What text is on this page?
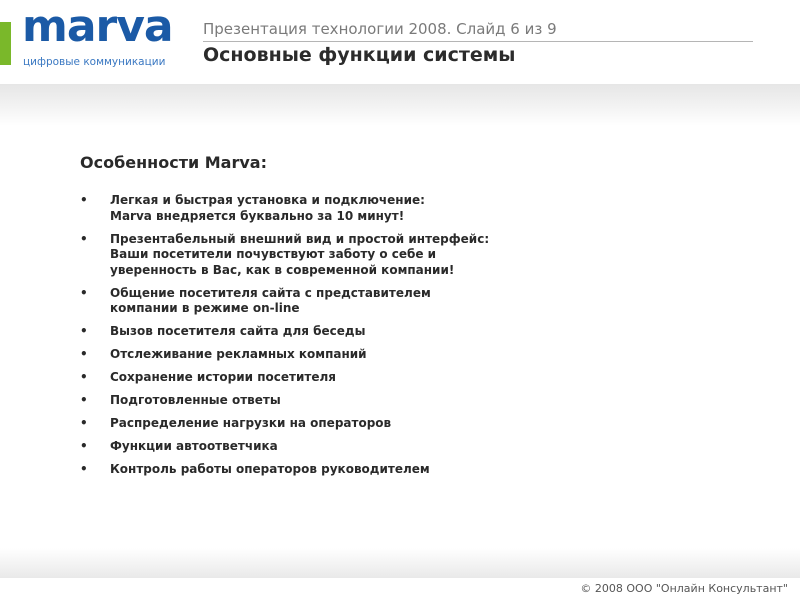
marva
цифровые коммуникации
Презентация технологии 2008. Слайд 6 из 9
Основные функции системы
Особенности Marva:
• Легкая и быстрая установка и подключение:
Marva внедряется буквально за 10 минут!
• Презентабельный внешний вид и простой интерфейс:
Ваши посетители почувствуют заботу о себе и
уверенность в Вас, как в современной компании!
• Общение посетителя сайта с представителем
компании в режиме on-line
• Вызов посетителя сайта для беседы
• Отслеживание рекламных компаний
• Сохранение истории посетителя
• Подготовленные ответы
• Распределение нагрузки на операторов
• Функции автоответчика
• Контроль работы операторов руководителем
© 2008 ООО "Онлайн Консультант"
